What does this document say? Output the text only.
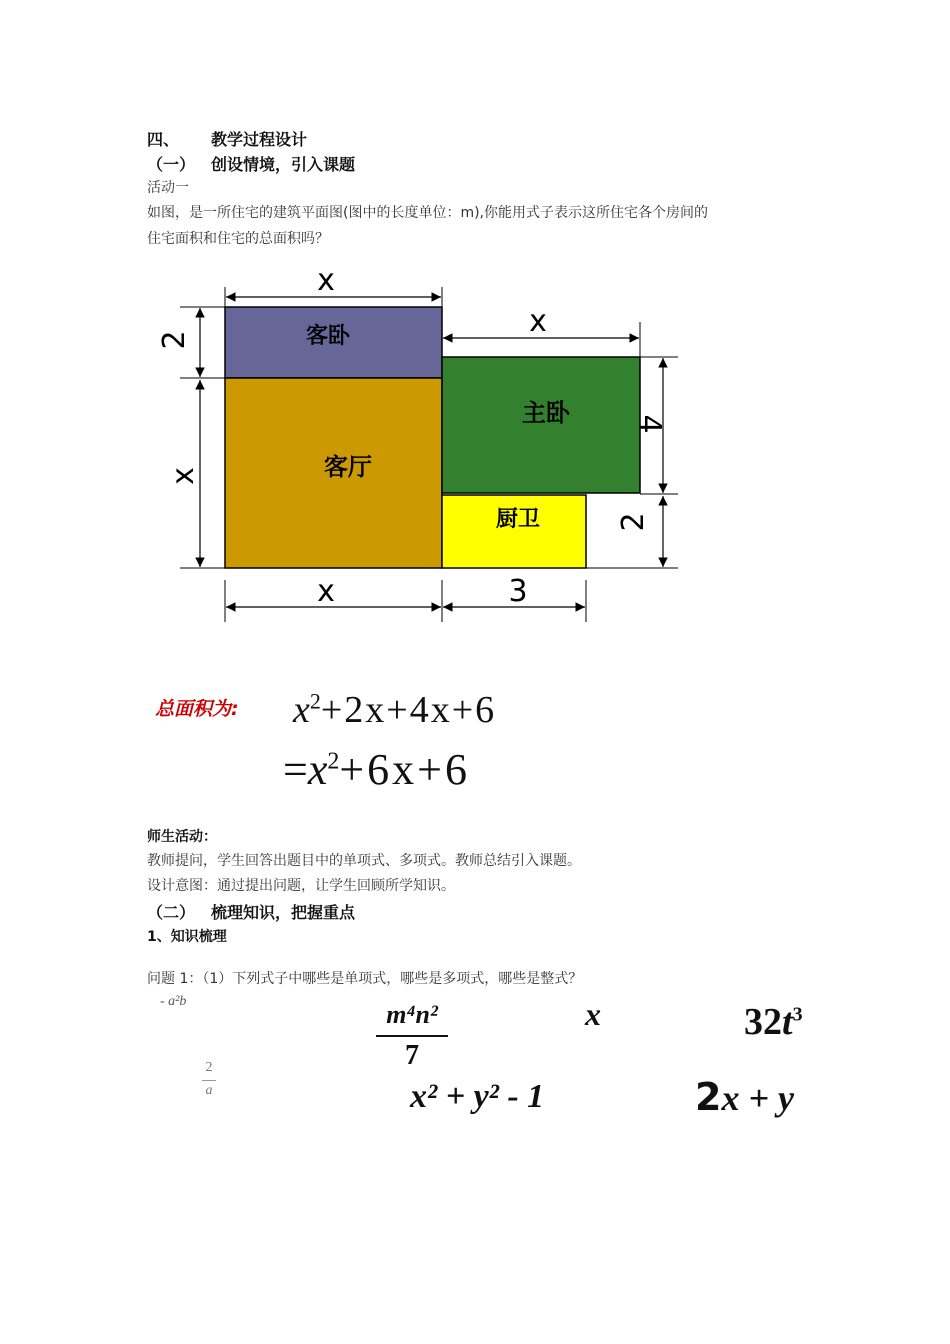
四、 教学过程设计
（一） 创设情境，引入课题
活动一
如图，是一所住宅的建筑平面图(图中的长度单位：m),你能用式子表示这所住宅各个房间的
住宅面积和住宅的总面积吗？
客卧
客厅
主卧
厨卫
x
x
2
x
4
2
x	3
总面积为: $x^2+2x+4x+6$
$=x^2+6x+6$
师生活动：
教师提问，学生回答出题目中的单项式、多项式。教师总结引入课题。
设计意图：通过提出问题，让学生回顾所学知识。
（二） 梳理知识，把握重点
1、知识梳理
问题 1：（1）下列式子中哪些是单项式，哪些是多项式，哪些是整式？
- a²b	m⁴n²
7
x	$32t^3$
2
a	x² + y² - 1	2x + y
